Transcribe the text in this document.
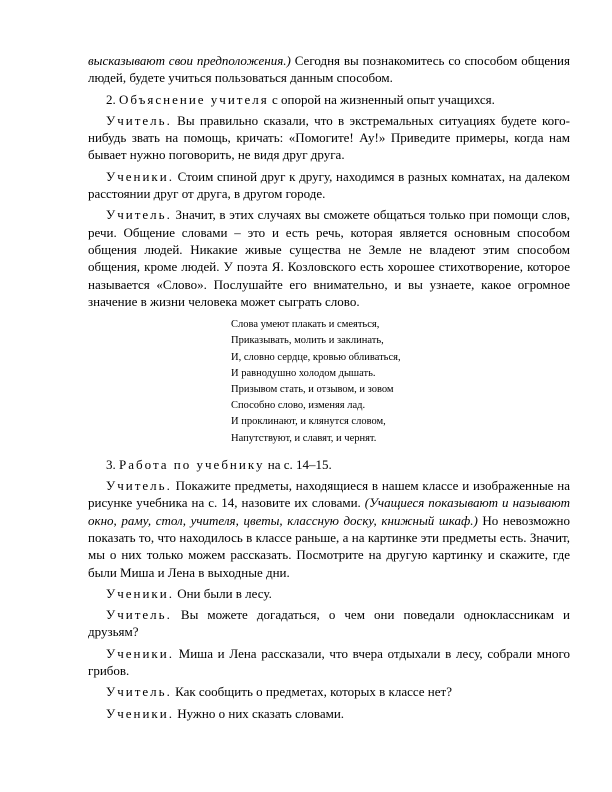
высказывают свои предположения.) Сегодня вы познакомитесь со способом общения людей, будете учиться пользоваться данным способом.

2. Объяснение учителя с опорой на жизненный опыт учащихся.

Учитель. Вы правильно сказали, что в экстремальных ситуациях будете кого-нибудь звать на помощь, кричать: «Помогите! Ау!» Приведите примеры, когда нам бывает нужно поговорить, не видя друг друга.

Ученики. Стоим спиной друг к другу, находимся в разных комнатах, на далеком расстоянии друг от друга, в другом городе.

Учитель. Значит, в этих случаях вы сможете общаться только при помощи слов, речи. Общение словами – это и есть речь, которая является основным способом общения людей. Никакие живые существа не Земле не владеют этим способом общения, кроме людей. У поэта Я. Козловского есть хорошее стихотворение, которое называется «Слово». Послушайте его внимательно, и вы узнаете, какое огромное значение в жизни человека может сыграть слово.

Слова умеют плакать и смеяться,
Приказывать, молить и заклинать,
И, словно сердце, кровью обливаться,
И равнодушно холодом дышать.
Призывом стать, и отзывом, и зовом
Способно слово, изменяя лад.
И проклинают, и клянутся словом,
Напутствуют, и славят, и чернят.

3. Работа по учебнику на с. 14–15.

Учитель. Покажите предметы, находящиеся в нашем классе и изображенные на рисунке учебника на с. 14, назовите их словами. (Учащиеся показывают и называют окно, раму, стол, учителя, цветы, классную доску, книжный шкаф.) Но невозможно показать то, что находилось в классе раньше, а на картинке эти предметы есть. Значит, мы о них только можем рассказать. Посмотрите на другую картинку и скажите, где были Миша и Лена в выходные дни.

Ученики. Они были в лесу.

Учитель. Вы можете догадаться, о чем они поведали одноклассникам и друзьям?

Ученики. Миша и Лена рассказали, что вчера отдыхали в лесу, собрали много грибов.

Учитель. Как сообщить о предметах, которых в классе нет?

Ученики. Нужно о них сказать словами.
